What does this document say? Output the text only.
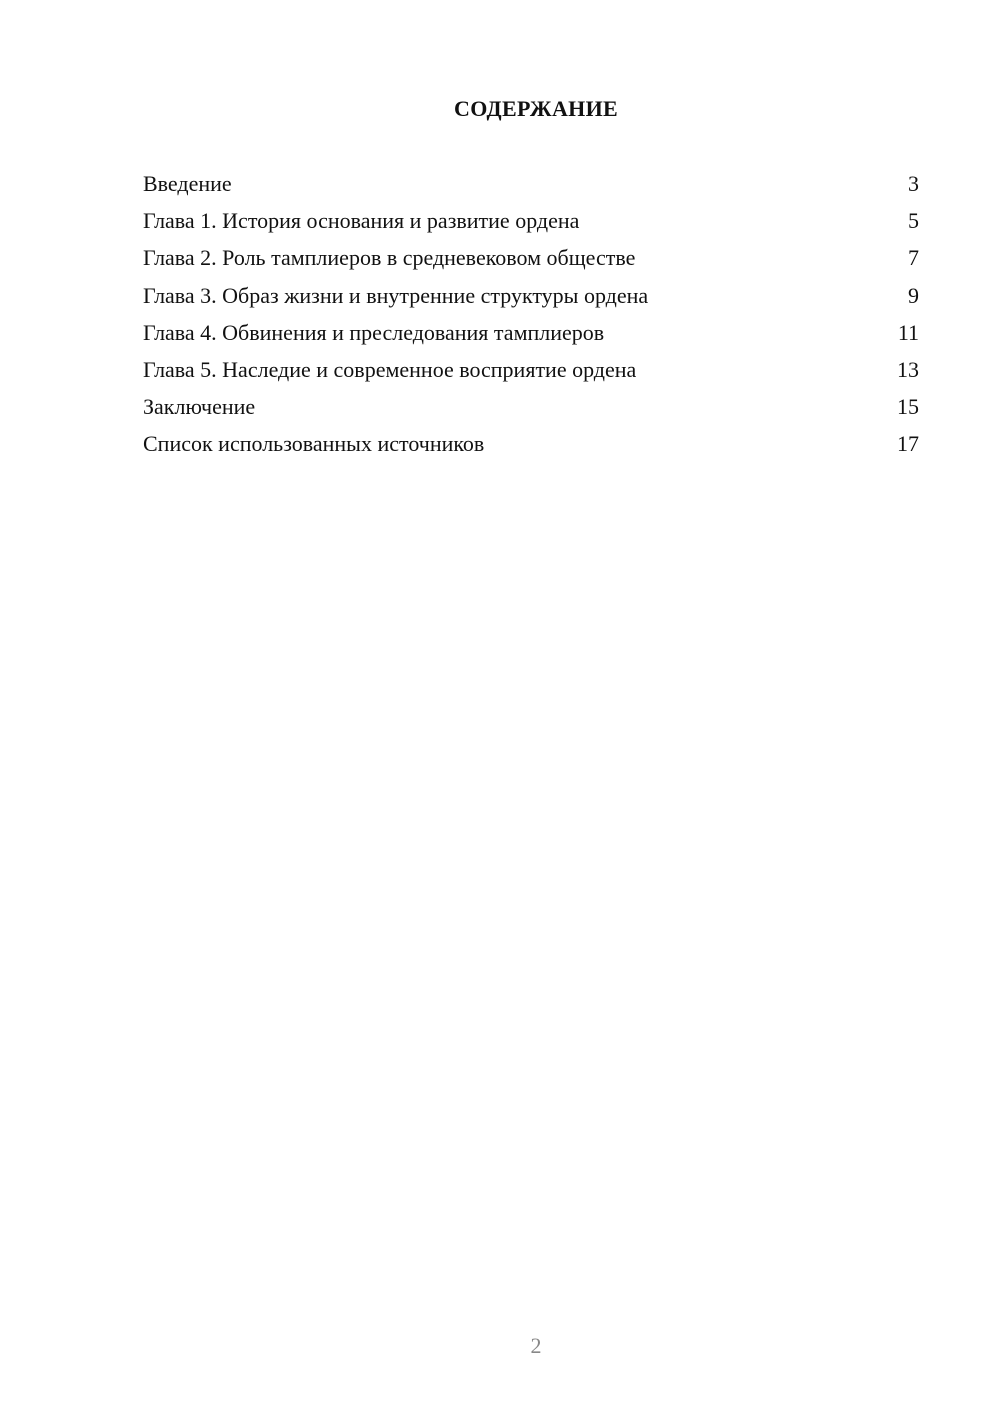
СОДЕРЖАНИЕ
Введение	3
Глава 1. История основания и развитие ордена	5
Глава 2. Роль тамплиеров в средневековом обществе	7
Глава 3. Образ жизни и внутренние структуры ордена	9
Глава 4. Обвинения и преследования тамплиеров	11
Глава 5. Наследие и современное восприятие ордена	13
Заключение	15
Список использованных источников	17
2
